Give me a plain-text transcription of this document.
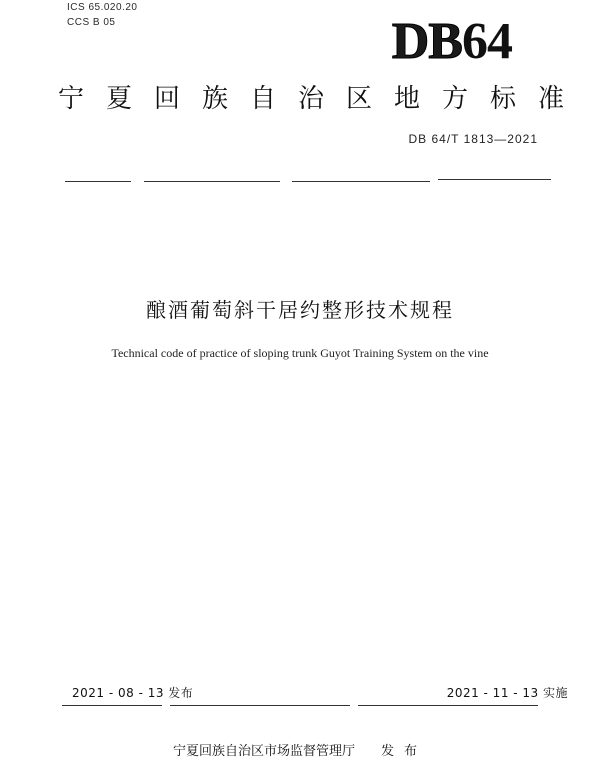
ICS 65.020.20
CCS B 05	DB64
宁夏回族自治区地方标准
DB 64/T 1813—2021
酿酒葡萄斜干居约整形技术规程
Technical code of practice of sloping trunk Guyot Training System on the vine
2021 - 08 - 13 发布	2021 - 11 - 13 实施
宁夏回族自治区市场监督管理厅 发布
